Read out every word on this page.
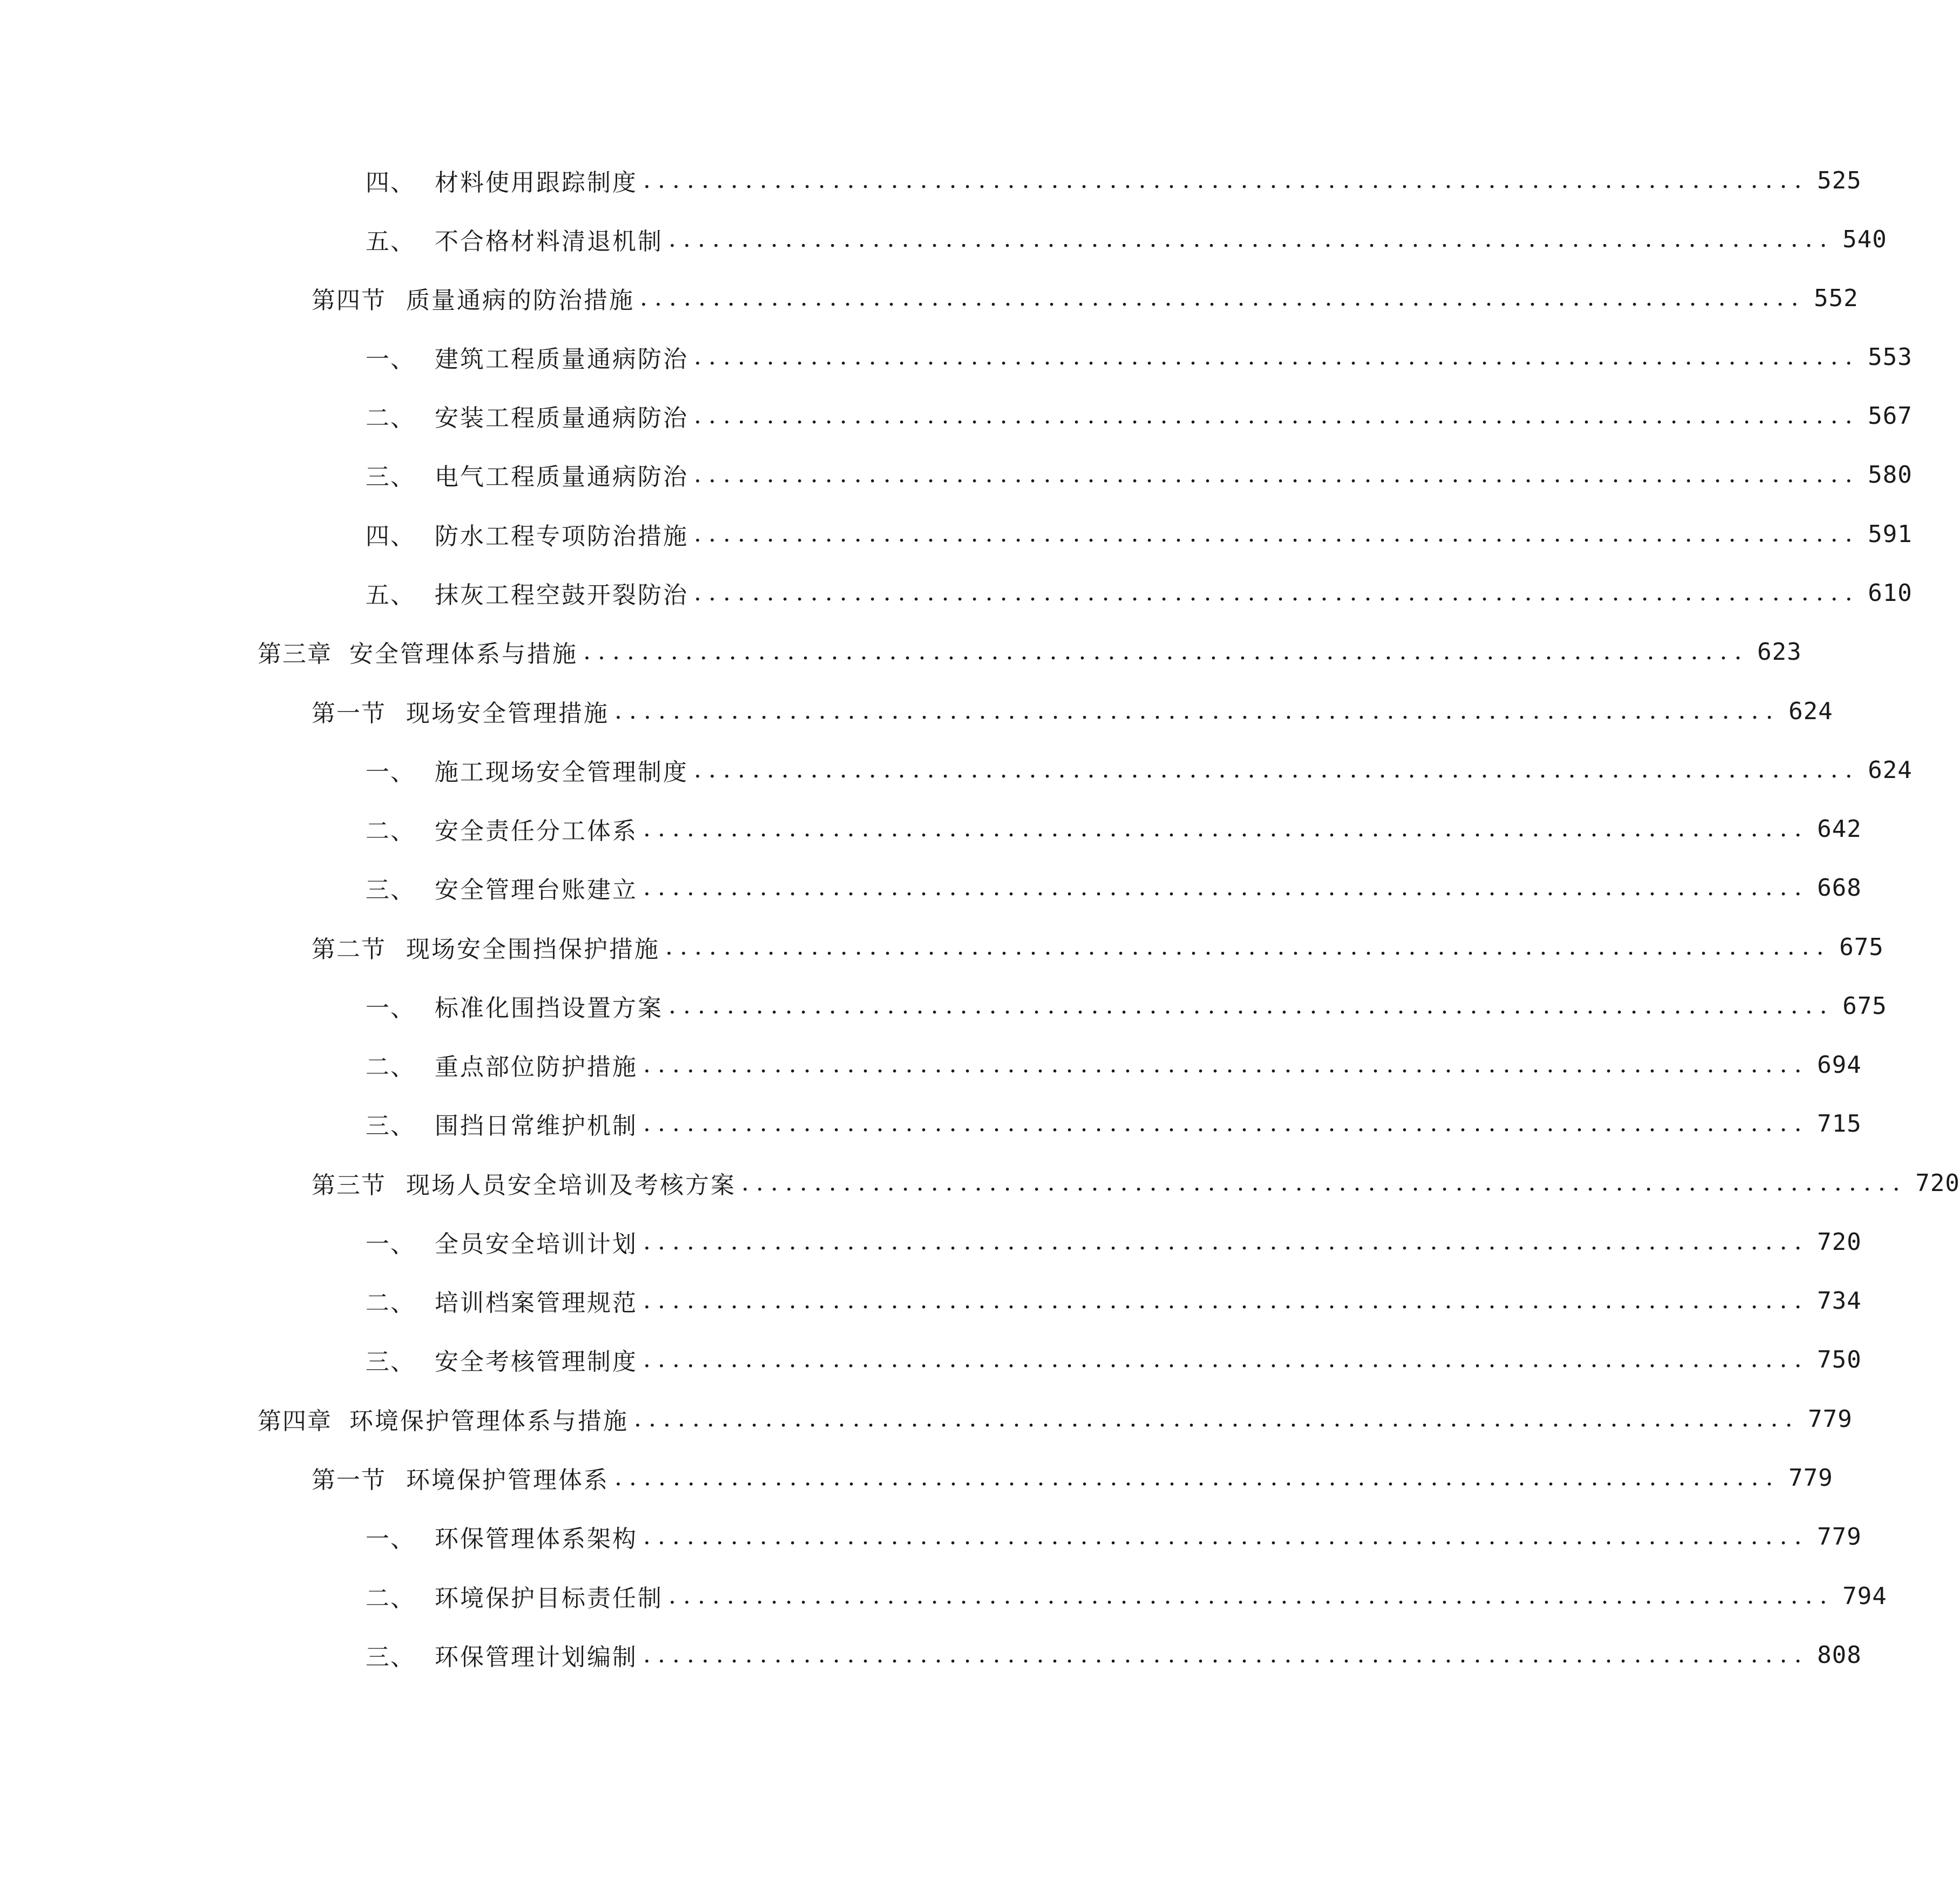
四、 材料使用跟踪制度 ................................................................................ 525
五、 不合格材料清退机制 ................................................................................ 540
第四节 质量通病的防治措施 ................................................................................ 552
一、 建筑工程质量通病防治 ................................................................................ 553
二、 安装工程质量通病防治 ................................................................................ 567
三、 电气工程质量通病防治 ................................................................................ 580
四、 防水工程专项防治措施 ................................................................................ 591
五、 抹灰工程空鼓开裂防治 ................................................................................ 610
第三章 安全管理体系与措施 ................................................................................ 623
第一节 现场安全管理措施 ................................................................................ 624
一、 施工现场安全管理制度 ................................................................................ 624
二、 安全责任分工体系 ................................................................................ 642
三、 安全管理台账建立 ................................................................................ 668
第二节 现场安全围挡保护措施 ................................................................................ 675
一、 标准化围挡设置方案 ................................................................................ 675
二、 重点部位防护措施 ................................................................................ 694
三、 围挡日常维护机制 ................................................................................ 715
第三节 现场人员安全培训及考核方案 ................................................................................ 720
一、 全员安全培训计划 ................................................................................ 720
二、 培训档案管理规范 ................................................................................ 734
三、 安全考核管理制度 ................................................................................ 750
第四章 环境保护管理体系与措施 ................................................................................ 779
第一节 环境保护管理体系 ................................................................................ 779
一、 环保管理体系架构 ................................................................................ 779
二、 环境保护目标责任制 ................................................................................ 794
三、 环保管理计划编制 ................................................................................ 808
